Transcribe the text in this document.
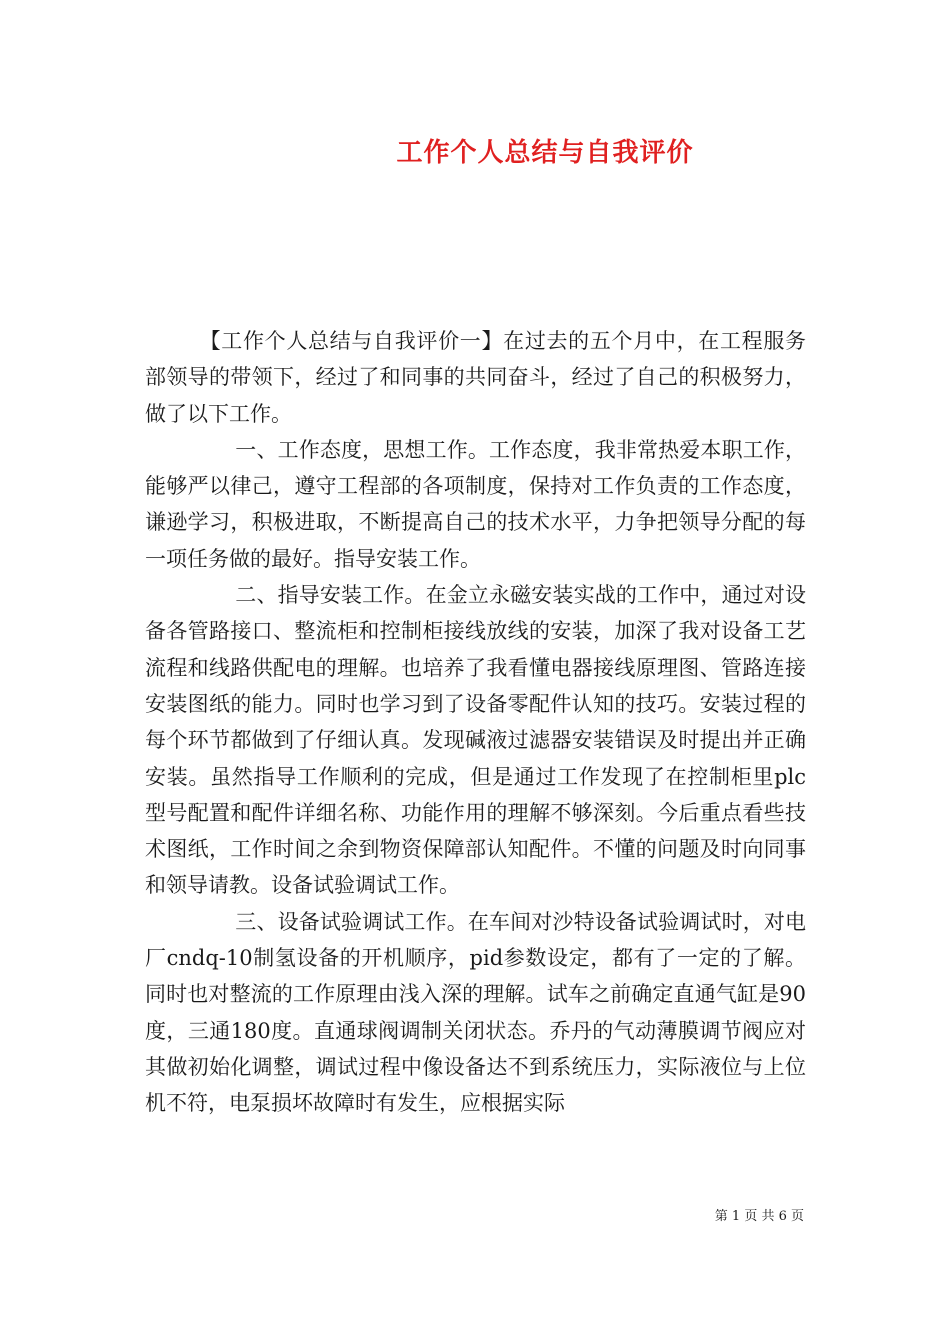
工作个人总结与自我评价

【工作个人总结与自我评价一】在过去的五个月中，在工程服务部领导的带领下，经过了和同事的共同奋斗，经过了自己的积极努力，做了以下工作。

一、工作态度，思想工作。工作态度，我非常热爱本职工作，能够严以律己，遵守工程部的各项制度，保持对工作负责的工作态度，谦逊学习，积极进取，不断提高自己的技术水平，力争把领导分配的每一项任务做的最好。指导安装工作。

二、指导安装工作。在金立永磁安装实战的工作中，通过对设备各管路接口、整流柜和控制柜接线放线的安装，加深了我对设备工艺流程和线路供配电的理解。也培养了我看懂电器接线原理图、管路连接安装图纸的能力。同时也学习到了设备零配件认知的技巧。安装过程的每个环节都做到了仔细认真。发现碱液过滤器安装错误及时提出并正确安装。虽然指导工作顺利的完成，但是通过工作发现了在控制柜里plc型号配置和配件详细名称、功能作用的理解不够深刻。今后重点看些技术图纸，工作时间之余到物资保障部认知配件。不懂的问题及时向同事和领导请教。设备试验调试工作。

三、设备试验调试工作。在车间对沙特设备试验调试时，对电厂cndq-10制氢设备的开机顺序，pid参数设定，都有了一定的了解。同时也对整流的工作原理由浅入深的理解。试车之前确定直通气缸是90度，三通180度。直通球阀调制关闭状态。乔丹的气动薄膜调节阀应对其做初始化调整，调试过程中像设备达不到系统压力，实际液位与上位机不符，电泵损坏故障时有发生，应根据实际

第 1 页 共 6 页
